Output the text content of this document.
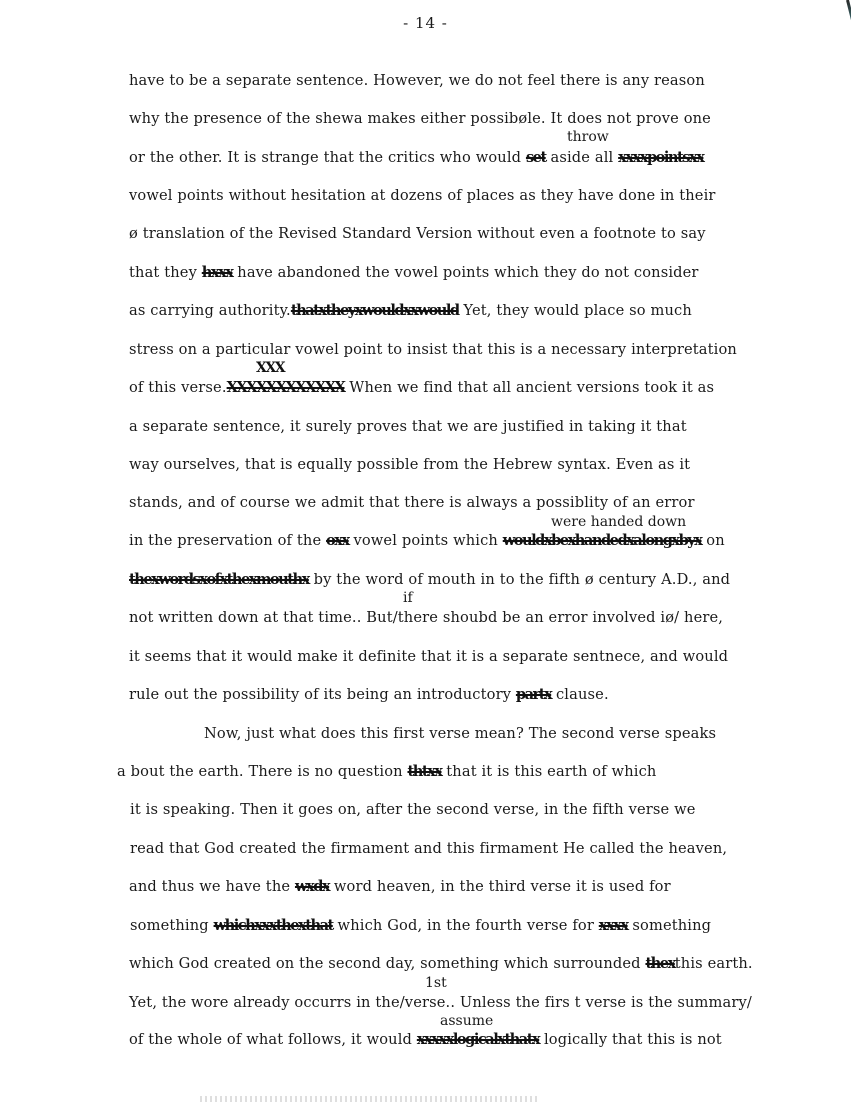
- 14 -
throw
XXX
were handed down
if
1st
assume
have to be a separate sentence. However, we do not feel there is any reason
why the presence of the shewa makes either possibøle. It does not prove one
or the other. It is strange that the critics who would set aside all xxxxpointsxx
vowel points without hesitation at dozens of places as they have done in their
ø translation of the Revised Standard Version without even a footnote to say
that they hxxx have abandoned the vowel points which they do not consider
as carrying authority.thatxtheyxwouldxxwould Yet, they would place so much
stress on a particular vowel point to insist that this is a necessary interpretation
of this verse.XXXXXXXXXXXX When we find that all ancient versions took it as
a separate sentence, it surely proves that we are justified in taking it that
way ourselves, that is equally possible from the Hebrew syntax. Even as it
stands, and of course we admit that there is always a possiblity of an error
in the preservation of the oxx vowel points which wouldxbexhandedxalongxbyx on
thexwordsxofxthexmouthx by the word of mouth in to the fifth ø century A.D., and
not written down at that time.. But/there shoubd be an error involved iø/ here,
it seems that it would make it definite that it is a separate sentnece, and would
rule out the possibility of its being an introductory partx clause.
Now, just what does this first verse mean? The second verse speaks
a bout the earth. There is no question thtxx that it is this earth of which
it is speaking. Then it goes on, after the second verse, in the fifth verse we
read that God created the firmament and this firmament He called the heaven,
and thus we have the wxdx word heaven, in the third verse it is used for
something whichxxxthexthat which God, in the fourth verse for xxxx something
which God created on the second day, something which surrounded thexthis earth.
Yet, the wore already occurrs in the/verse.. Unless the firs t verse is the summary/
of the whole of what follows, it would xxxxxlogicalxthatx logically that this is not
